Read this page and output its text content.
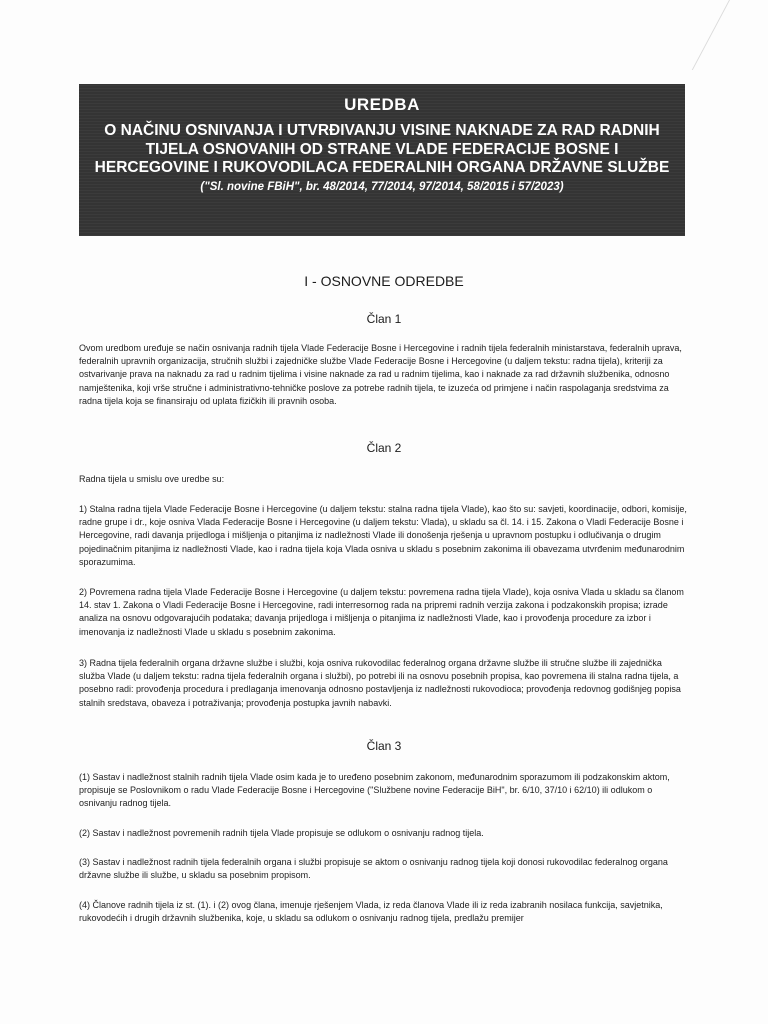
UREDBA
O NAČINU OSNIVANJA I UTVRĐIVANJU VISINE NAKNADE ZA RAD RADNIH TIJELA OSNOVANIH OD STRANE VLADE FEDERACIJE BOSNE I HERCEGOVINE I RUKOVODILACA FEDERALNIH ORGANA DRŽAVNE SLUŽBE
("Sl. novine FBiH", br. 48/2014, 77/2014, 97/2014, 58/2015 i 57/2023)
I - OSNOVNE ODREDBE
Član 1

Ovom uredbom uređuje se način osnivanja radnih tijela Vlade Federacije Bosne i Hercegovine i radnih tijela federalnih ministarstava, federalnih uprava, federalnih upravnih organizacija, stručnih službi i zajedničke službe Vlade Federacije Bosne i Hercegovine (u daljem tekstu: radna tijela), kriteriji za ostvarivanje prava na naknadu za rad u radnim tijelima i visine naknade za rad u radnim tijelima, kao i naknade za rad državnih službenika, odnosno namještenika, koji vrše stručne i administrativno-tehničke poslove za potrebe radnih tijela, te izuzeća od primjene i način raspolaganja sredstvima za radna tijela koja se finansiraju od uplata fizičkih ili pravnih osoba.

Član 2

Radna tijela u smislu ove uredbe su:

1) Stalna radna tijela Vlade Federacije Bosne i Hercegovine (u daljem tekstu: stalna radna tijela Vlade), kao što su: savjeti, koordinacije, odbori, komisije, radne grupe i dr., koje osniva Vlada Federacije Bosne i Hercegovine (u daljem tekstu: Vlada), u skladu sa čl. 14. i 15. Zakona o Vladi Federacije Bosne i Hercegovine, radi davanja prijedloga i mišljenja o pitanjima iz nadležnosti Vlade ili donošenja rješenja u upravnom postupku i odlučivanja o drugim pojedinačnim pitanjima iz nadležnosti Vlade, kao i radna tijela koja Vlada osniva u skladu s posebnim zakonima ili obavezama utvrđenim međunarodnim sporazumima.

2) Povremena radna tijela Vlade Federacije Bosne i Hercegovine (u daljem tekstu: povremena radna tijela Vlade), koja osniva Vlada u skladu sa članom 14. stav 1. Zakona o Vladi Federacije Bosne i Hercegovine, radi interresornog rada na pripremi radnih verzija zakona i podzakonskih propisa; izrade analiza na osnovu odgovarajućih podataka; davanja prijedloga i mišljenja o pitanjima iz nadležnosti Vlade, kao i provođenja procedure za izbor i imenovanja iz nadležnosti Vlade u skladu s posebnim zakonima.

3) Radna tijela federalnih organa državne službe i službi, koja osniva rukovodilac federalnog organa državne službe ili stručne službe ili zajednička služba Vlade (u daljem tekstu: radna tijela federalnih organa i službi), po potrebi ili na osnovu posebnih propisa, kao povremena ili stalna radna tijela, a posebno radi: provođenja procedura i predlaganja imenovanja odnosno postavljenja iz nadležnosti rukovodioca; provođenja redovnog godišnjeg popisa stalnih sredstava, obaveza i potraživanja; provođenja postupka javnih nabavki.

Član 3

(1) Sastav i nadležnost stalnih radnih tijela Vlade osim kada je to uređeno posebnim zakonom, međunarodnim sporazumom ili podzakonskim aktom, propisuje se Poslovnikom o radu Vlade Federacije Bosne i Hercegovine ("Službene novine Federacije BiH", br. 6/10, 37/10 i 62/10) ili odlukom o osnivanju radnog tijela.

(2) Sastav i nadležnost povremenih radnih tijela Vlade propisuje se odlukom o osnivanju radnog tijela.

(3) Sastav i nadležnost radnih tijela federalnih organa i službi propisuje se aktom o osnivanju radnog tijela koji donosi rukovodilac federalnog organa državne službe ili službe, u skladu sa posebnim propisom.

(4) Članove radnih tijela iz st. (1). i (2) ovog člana, imenuje rješenjem Vlada, iz reda članova Vlade ili iz reda izabranih nosilaca funkcija, savjetnika, rukovodećih i drugih državnih službenika, koje, u skladu sa odlukom o osnivanju radnog tijela, predlažu premijer
